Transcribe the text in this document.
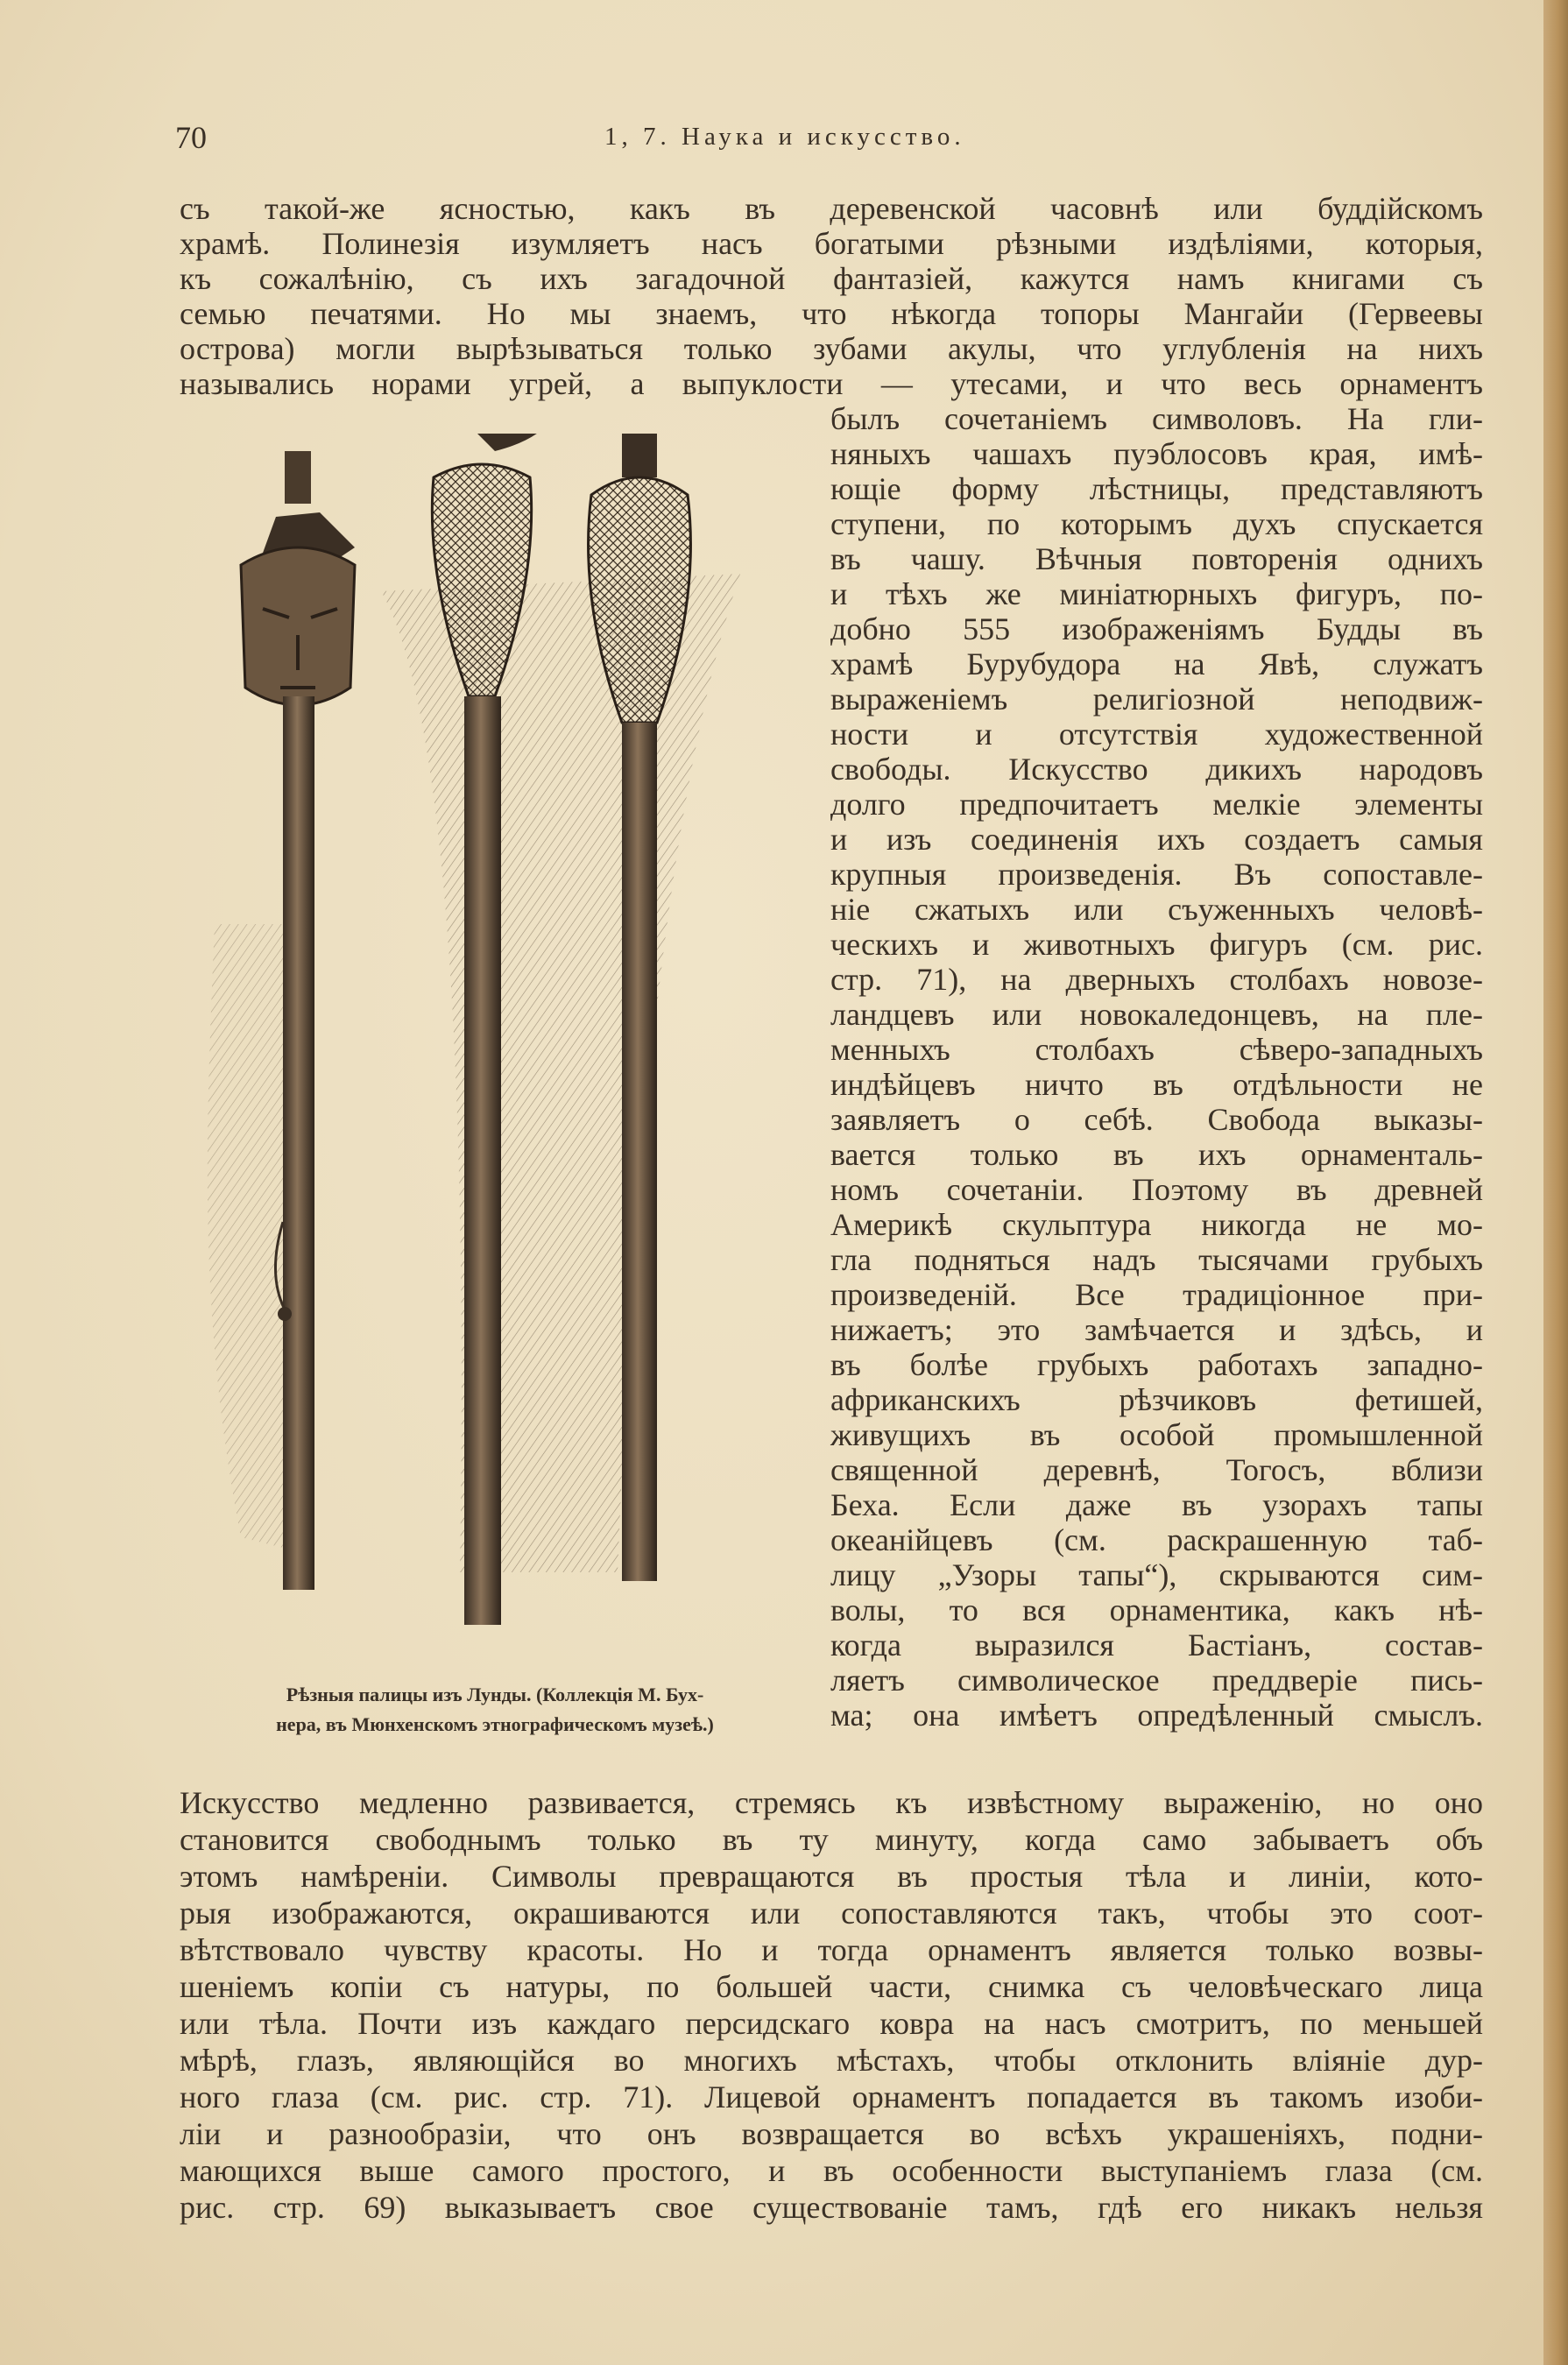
70	1, 7. Наука и искусство.
съ такой-же ясностью, какъ въ деревенской часовнѣ или буддійскомъ
храмѣ. Полинезія изумляетъ насъ богатыми рѣзными издѣліями, которыя,
къ сожалѣнію, съ ихъ загадочной фантазіей, кажутся намъ книгами съ
семью печатями. Но мы знаемъ, что нѣкогда топоры Мангайи (Гервеевы
острова) могли вырѣзываться только зубами акулы, что углубленія на нихъ
назывались норами угрей, а выпуклости — утесами, и что весь орнаментъ
былъ сочетаніемъ символовъ. На гли-
няныхъ чашахъ пуэблосовъ края, имѣ-
ющіе форму лѣстницы, представляютъ
ступени, по которымъ духъ спускается
въ чашу. Вѣчныя повторенія однихъ
и тѣхъ же миніатюрныхъ фигуръ, по-
добно 555 изображеніямъ Будды въ
храмѣ Бурубудора на Явѣ, служатъ
выраженіемъ религіозной неподвиж-
ности и отсутствія художественной
свободы. Искусство дикихъ народовъ
долго предпочитаетъ мелкіе элементы
и изъ соединенія ихъ создаетъ самыя
крупныя произведенія. Въ сопоставле-
ніе сжатыхъ или съуженныхъ человѣ-
ческихъ и животныхъ фигуръ (см. рис.
стр. 71), на дверныхъ столбахъ новозе-
ландцевъ или новокаледонцевъ, на пле-
менныхъ столбахъ сѣверо-западныхъ
индѣйцевъ ничто въ отдѣльности не
заявляетъ о себѣ. Свобода выказы-
вается только въ ихъ орнаменталь-
номъ сочетаніи. Поэтому въ древней
Америкѣ скульптура никогда не мо-
гла подняться надъ тысячами грубыхъ
произведеній. Все традиціонное при-
нижаетъ; это замѣчается и здѣсь, и
въ болѣе грубыхъ работахъ западно-
африканскихъ рѣзчиковъ фетишей,
живущихъ въ особой промышленной
священной деревнѣ, Тогосъ, вблизи
Беха. Если даже въ узорахъ тапы
океанійцевъ (см. раскрашенную таб-
лицу „Узоры тапы“), скрываются сим-
волы, то вся орнаментика, какъ нѣ-
когда выразился Бастіанъ, состав-
ляетъ символическое преддверіе пись-
ма; она имѣетъ опредѣленный смыслъ.
Рѣзныя палицы изъ Лунды. (Коллекція М. Бух-
нера, въ Мюнхенскомъ этнографическомъ музеѣ.)
Искусство медленно развивается, стремясь къ извѣстному выраженію, но оно
становится свободнымъ только въ ту минуту, когда само забываетъ объ
этомъ намѣреніи. Символы превращаются въ простыя тѣла и линіи, кото-
рыя изображаются, окрашиваются или сопоставляются такъ, чтобы это соот-
вѣтствовало чувству красоты. Но и тогда орнаментъ является только возвы-
шеніемъ копіи съ натуры, по большей части, снимка съ человѣческаго лица
или тѣла. Почти изъ каждаго персидскаго ковра на насъ смотритъ, по меньшей
мѣрѣ, глазъ, являющійся во многихъ мѣстахъ, чтобы отклонить вліяніе дур-
ного глаза (см. рис. стр. 71). Лицевой орнаментъ попадается въ такомъ изоби-
ліи и разнообразіи, что онъ возвращается во всѣхъ украшеніяхъ, подни-
мающихся выше самого простого, и въ особенности выступаніемъ глаза (см.
рис. стр. 69) выказываетъ свое существованіе тамъ, гдѣ его никакъ нельзя
